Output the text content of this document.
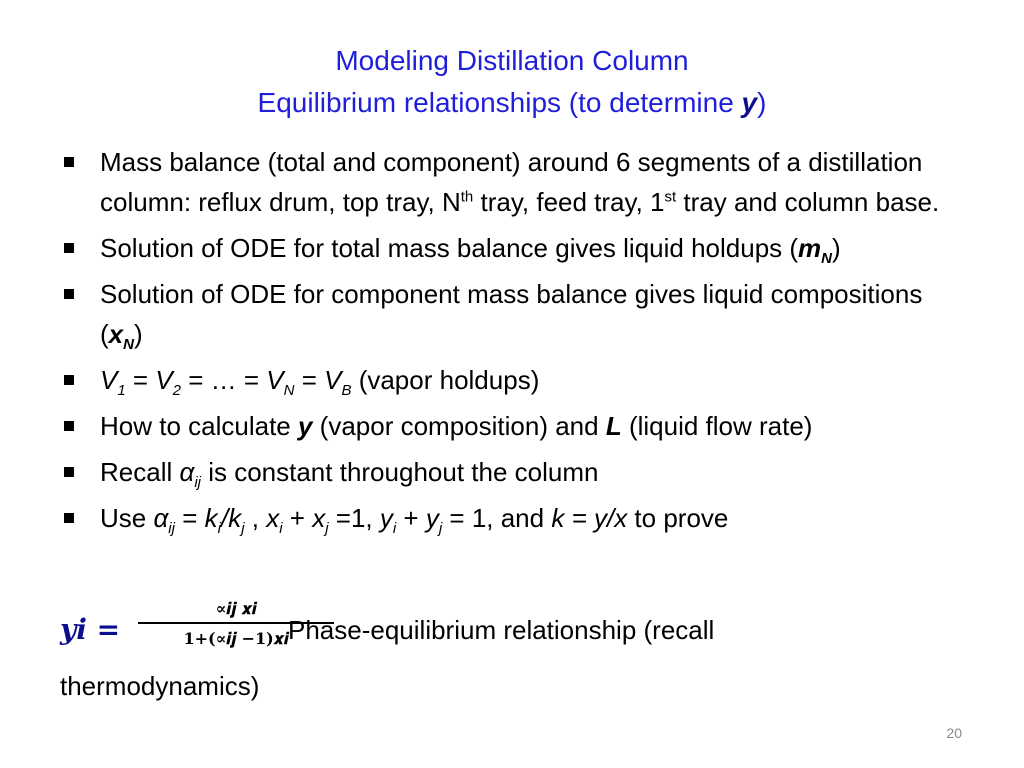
Modeling Distillation Column
Equilibrium relationships (to determine y)
Mass balance (total and component) around 6 segments of a distillation column: reflux drum, top tray, $N^{th}$ tray, feed tray, 1st tray and column base.
Solution of ODE for total mass balance gives liquid holdups $(m_N)$
Solution of ODE for component mass balance gives liquid compositions $(x_N)$
$V_1 = V_2$ = … = $V_N = V_B$ (vapor holdups)
How to calculate y (vapor composition) and L (liquid flow rate)
Recall $\alpha_{ij}$ is constant throughout the column
Use $\alpha_{ij} = k_i/k_j$ , $x_i + x_j =1$, $y_i + y_j = 1$, and k = y/x to prove
𝒚𝒊 =
∝𝒊𝒋 𝒙𝒊
𝟏+(∝𝒊𝒋 −𝟏)𝒙𝒊 Phase-equilibrium relationship (recall
thermodynamics)
20
